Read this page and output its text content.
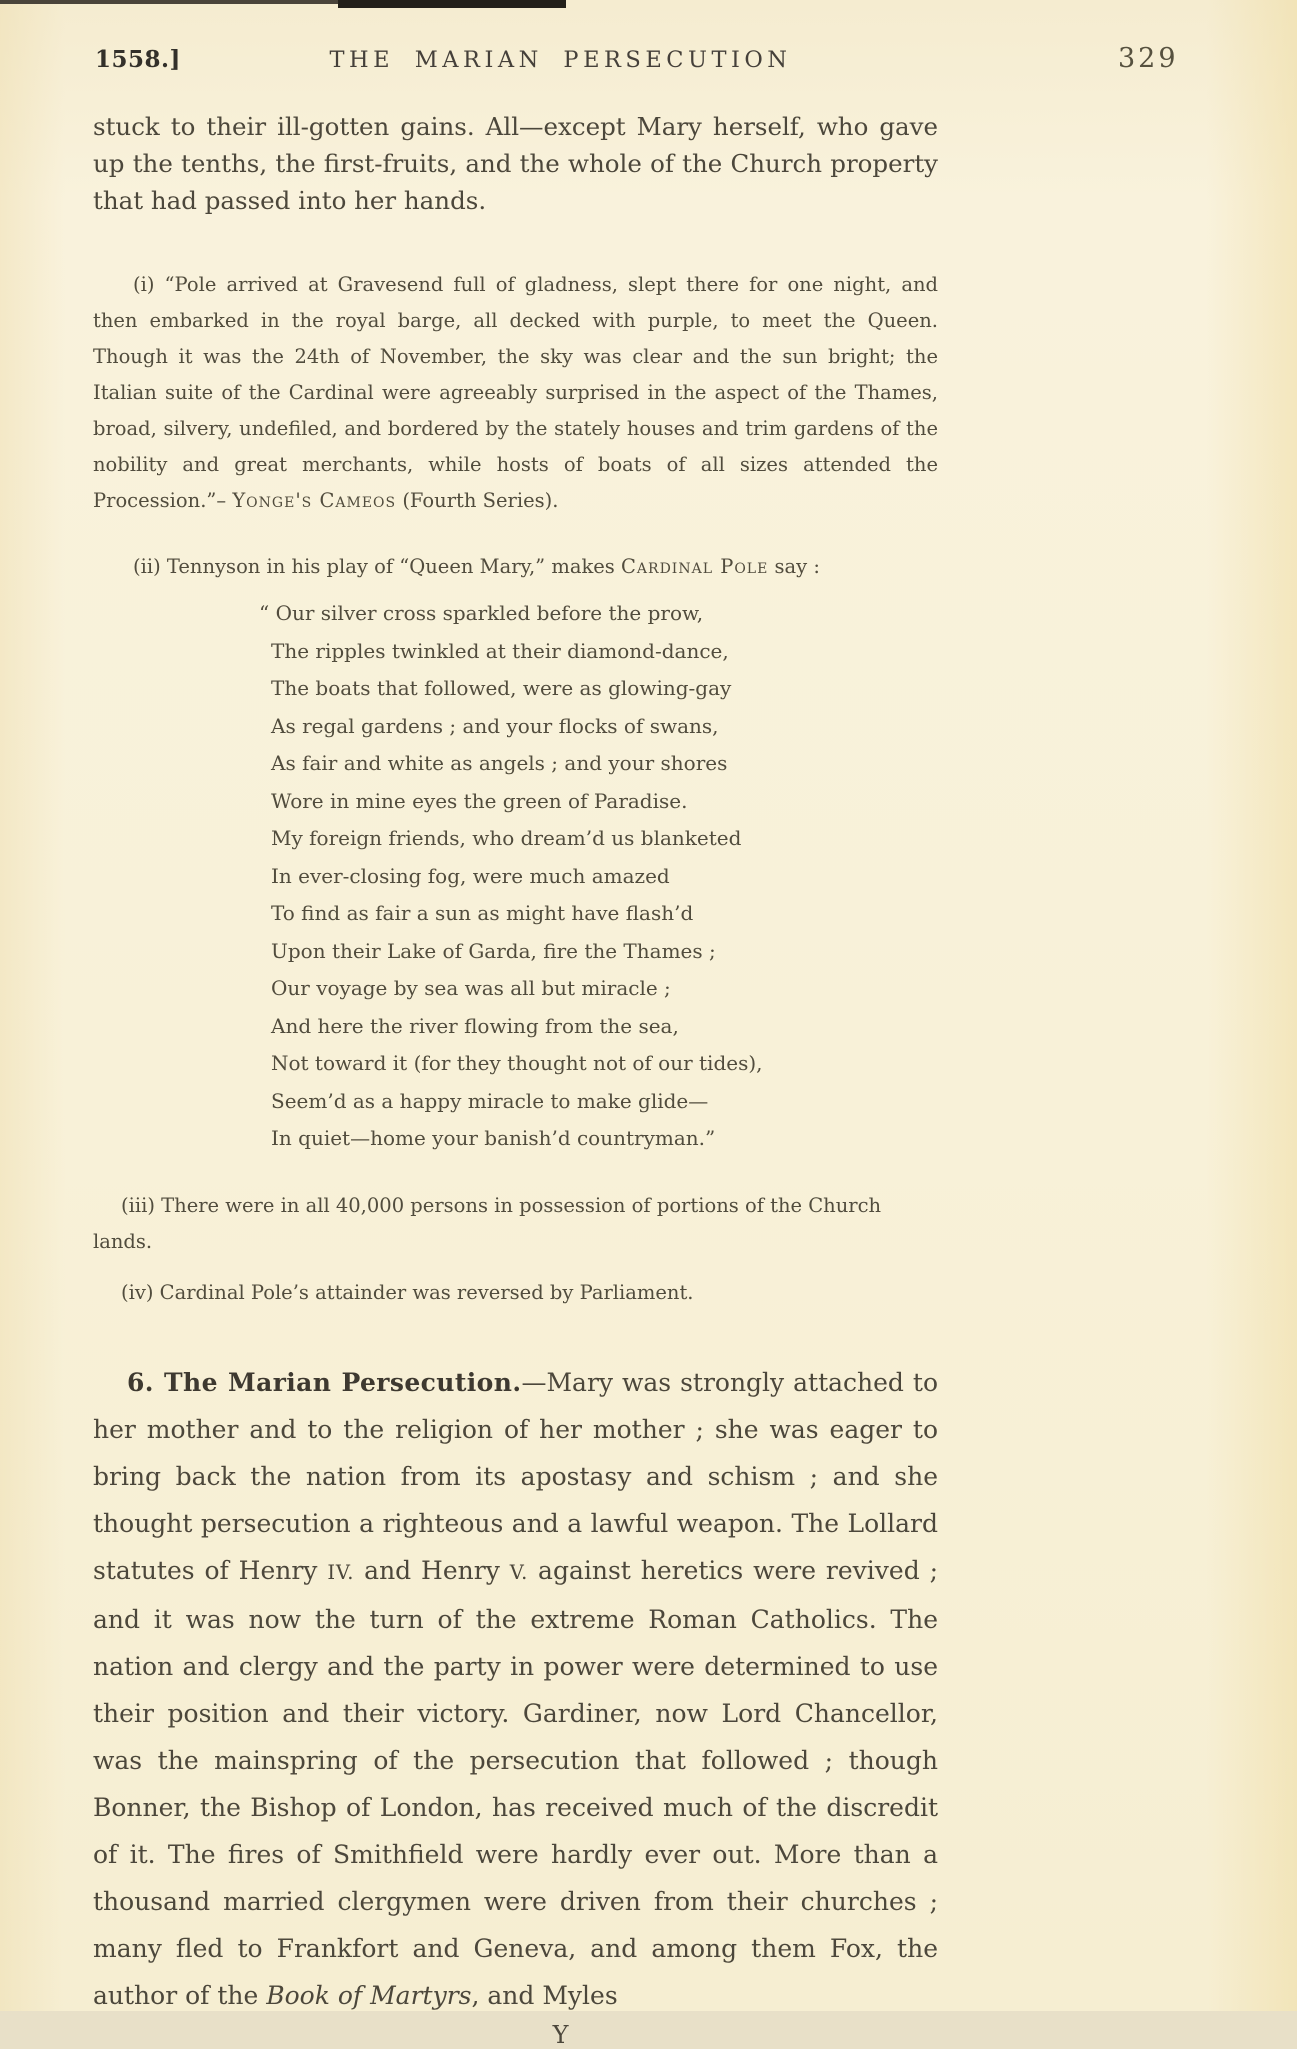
1558.]	THE MARIAN PERSECUTION	329

stuck to their ill-gotten gains. All—except Mary herself, who gave up the tenths, the first-fruits, and the whole of the Church property that had passed into her hands.

(i) “Pole arrived at Gravesend full of gladness, slept there for one night, and then embarked in the royal barge, all decked with purple, to meet the Queen. Though it was the 24th of November, the sky was clear and the sun bright; the Italian suite of the Cardinal were agreeably surprised in the aspect of the Thames, broad, silvery, undefiled, and bordered by the stately houses and trim gardens of the nobility and great merchants, while hosts of boats of all sizes attended the Procession.”– Yonge's Cameos (Fourth Series).

(ii) Tennyson in his play of “Queen Mary,” makes Cardinal Pole say :

“ Our silver cross sparkled before the prow,
The ripples twinkled at their diamond-dance,
The boats that followed, were as glowing-gay
As regal gardens ; and your flocks of swans,
As fair and white as angels ; and your shores
Wore in mine eyes the green of Paradise.
My foreign friends, who dream’d us blanketed
In ever-closing fog, were much amazed
To find as fair a sun as might have flash’d
Upon their Lake of Garda, fire the Thames ;
Our voyage by sea was all but miracle ;
And here the river flowing from the sea,
Not toward it (for they thought not of our tides),
Seem’d as a happy miracle to make glide—
In quiet—home your banish’d countryman.”

(iii) There were in all 40,000 persons in possession of portions of the Church lands.

(iv) Cardinal Pole’s attainder was reversed by Parliament.

6. The Marian Persecution.—Mary was strongly attached to her mother and to the religion of her mother ; she was eager to bring back the nation from its apostasy and schism ; and she thought persecution a righteous and a lawful weapon. The Lollard statutes of Henry IV. and Henry V. against heretics were revived ; and it was now the turn of the extreme Roman Catholics. The nation and clergy and the party in power were determined to use their position and their victory. Gardiner, now Lord Chancellor, was the mainspring of the persecution that followed ; though Bonner, the Bishop of London, has received much of the discredit of it. The fires of Smithfield were hardly ever out. More than a thousand married clergymen were driven from their churches ; many fled to Frankfort and Geneva, and among them Fox, the author of the Book of Martyrs, and Myles

Y
